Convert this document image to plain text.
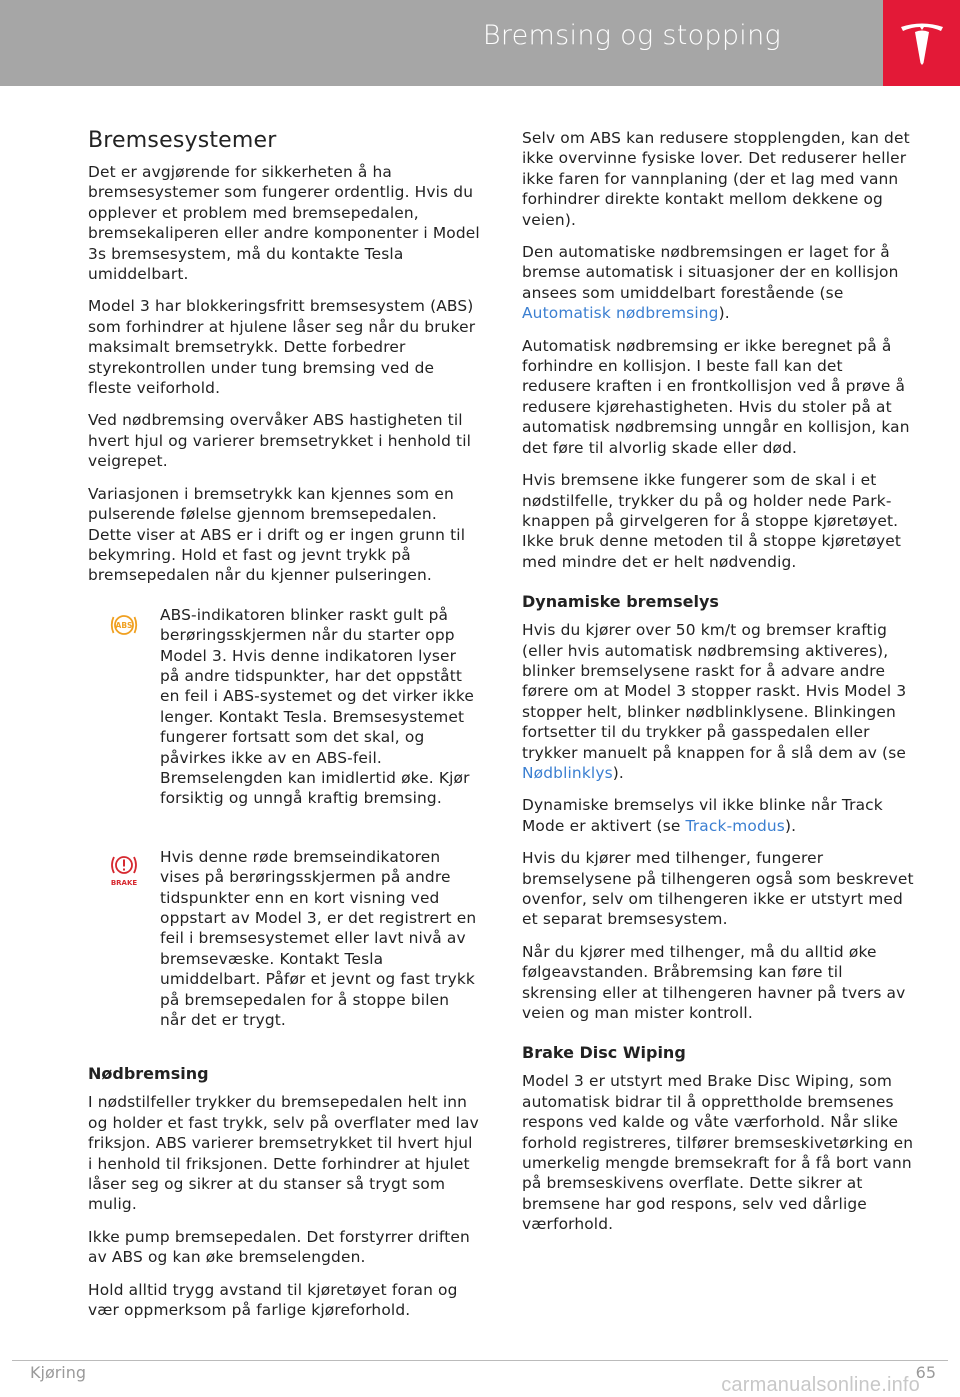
Bremsing og stopping
Bremsesystemer

Det er avgjørende for sikkerheten å ha bremsesystemer som fungerer ordentlig. Hvis du opplever et problem med bremsepedalen, bremsekaliperen eller andre komponenter i Model 3s bremsesystem, må du kontakte Tesla umiddelbart.

Model 3 har blokkeringsfritt bremsesystem (ABS) som forhindrer at hjulene låser seg når du bruker maksimalt bremsetrykk. Dette forbedrer styrekontrollen under tung bremsing ved de fleste veiforhold.

Ved nødbremsing overvåker ABS hastigheten til hvert hjul og varierer bremsetrykket i henhold til veigrepet.

Variasjonen i bremsetrykk kan kjennes som en pulserende følelse gjennom bremsepedalen. Dette viser at ABS er i drift og er ingen grunn til bekymring. Hold et fast og jevnt trykk på bremsepedalen når du kjenner pulseringen.

ABS
ABS-indikatoren blinker raskt gult på berøringsskjermen når du starter opp Model 3. Hvis denne indikatoren lyser på andre tidspunkter, har det oppstått en feil i ABS-systemet og det virker ikke lenger. Kontakt Tesla. Bremsesystemet fungerer fortsatt som det skal, og påvirkes ikke av en ABS-feil. Bremselengden kan imidlertid øke. Kjør forsiktig og unngå kraftig bremsing.
BRAKE
Hvis denne røde bremseindikatoren vises på berøringsskjermen på andre tidspunkter enn en kort visning ved oppstart av Model 3, er det registrert en feil i bremsesystemet eller lavt nivå av bremsevæske. Kontakt Tesla umiddelbart. Påfør et jevnt og fast trykk på bremsepedalen for å stoppe bilen når det er trygt.
Nødbremsing

I nødstilfeller trykker du bremsepedalen helt inn og holder et fast trykk, selv på overflater med lav friksjon. ABS varierer bremsetrykket til hvert hjul i henhold til friksjonen. Dette forhindrer at hjulet låser seg og sikrer at du stanser så trygt som mulig.

Ikke pump bremsepedalen. Det forstyrrer driften av ABS og kan øke bremselengden.

Hold alltid trygg avstand til kjøretøyet foran og vær oppmerksom på farlige kjøreforhold.

Selv om ABS kan redusere stopplengden, kan det ikke overvinne fysiske lover. Det reduserer heller ikke faren for vannplaning (der et lag med vann forhindrer direkte kontakt mellom dekkene og veien).

Den automatiske nødbremsingen er laget for å bremse automatisk i situasjoner der en kollisjon ansees som umiddelbart forestående (se Automatisk nødbremsing).

Automatisk nødbremsing er ikke beregnet på å forhindre en kollisjon. I beste fall kan det redusere kraften i en frontkollisjon ved å prøve å redusere kjørehastigheten. Hvis du stoler på at automatisk nødbremsing unngår en kollisjon, kan det føre til alvorlig skade eller død.

Hvis bremsene ikke fungerer som de skal i et nødstilfelle, trykker du på og holder nede Park-knappen på girvelgeren for å stoppe kjøretøyet. Ikke bruk denne metoden til å stoppe kjøretøyet med mindre det er helt nødvendig.

Dynamiske bremselys

Hvis du kjører over 50 km/t og bremser kraftig (eller hvis automatisk nødbremsing aktiveres), blinker bremselysene raskt for å advare andre førere om at Model 3 stopper raskt. Hvis Model 3 stopper helt, blinker nødblinklysene. Blinkingen fortsetter til du trykker på gasspedalen eller trykker manuelt på knappen for å slå dem av (se Nødblinklys).

Dynamiske bremselys vil ikke blinke når Track Mode er aktivert (se Track-modus).

Hvis du kjører med tilhenger, fungerer bremselysene på tilhengeren også som beskrevet ovenfor, selv om tilhengeren ikke er utstyrt med et separat bremsesystem.

Når du kjører med tilhenger, må du alltid øke følgeavstanden. Bråbremsing kan føre til skrensing eller at tilhengeren havner på tvers av veien og man mister kontroll.

Brake Disc Wiping

Model 3 er utstyrt med Brake Disc Wiping, som automatisk bidrar til å opprettholde bremsenes respons ved kalde og våte værforhold. Når slike forhold registreres, tilfører bremseskivetørking en umerkelig mengde bremsekraft for å få bort vann på bremseskivens overflate. Dette sikrer at bremsene har god respons, selv ved dårlige værforhold.

Kjøring	65
carmanualsonline.info
